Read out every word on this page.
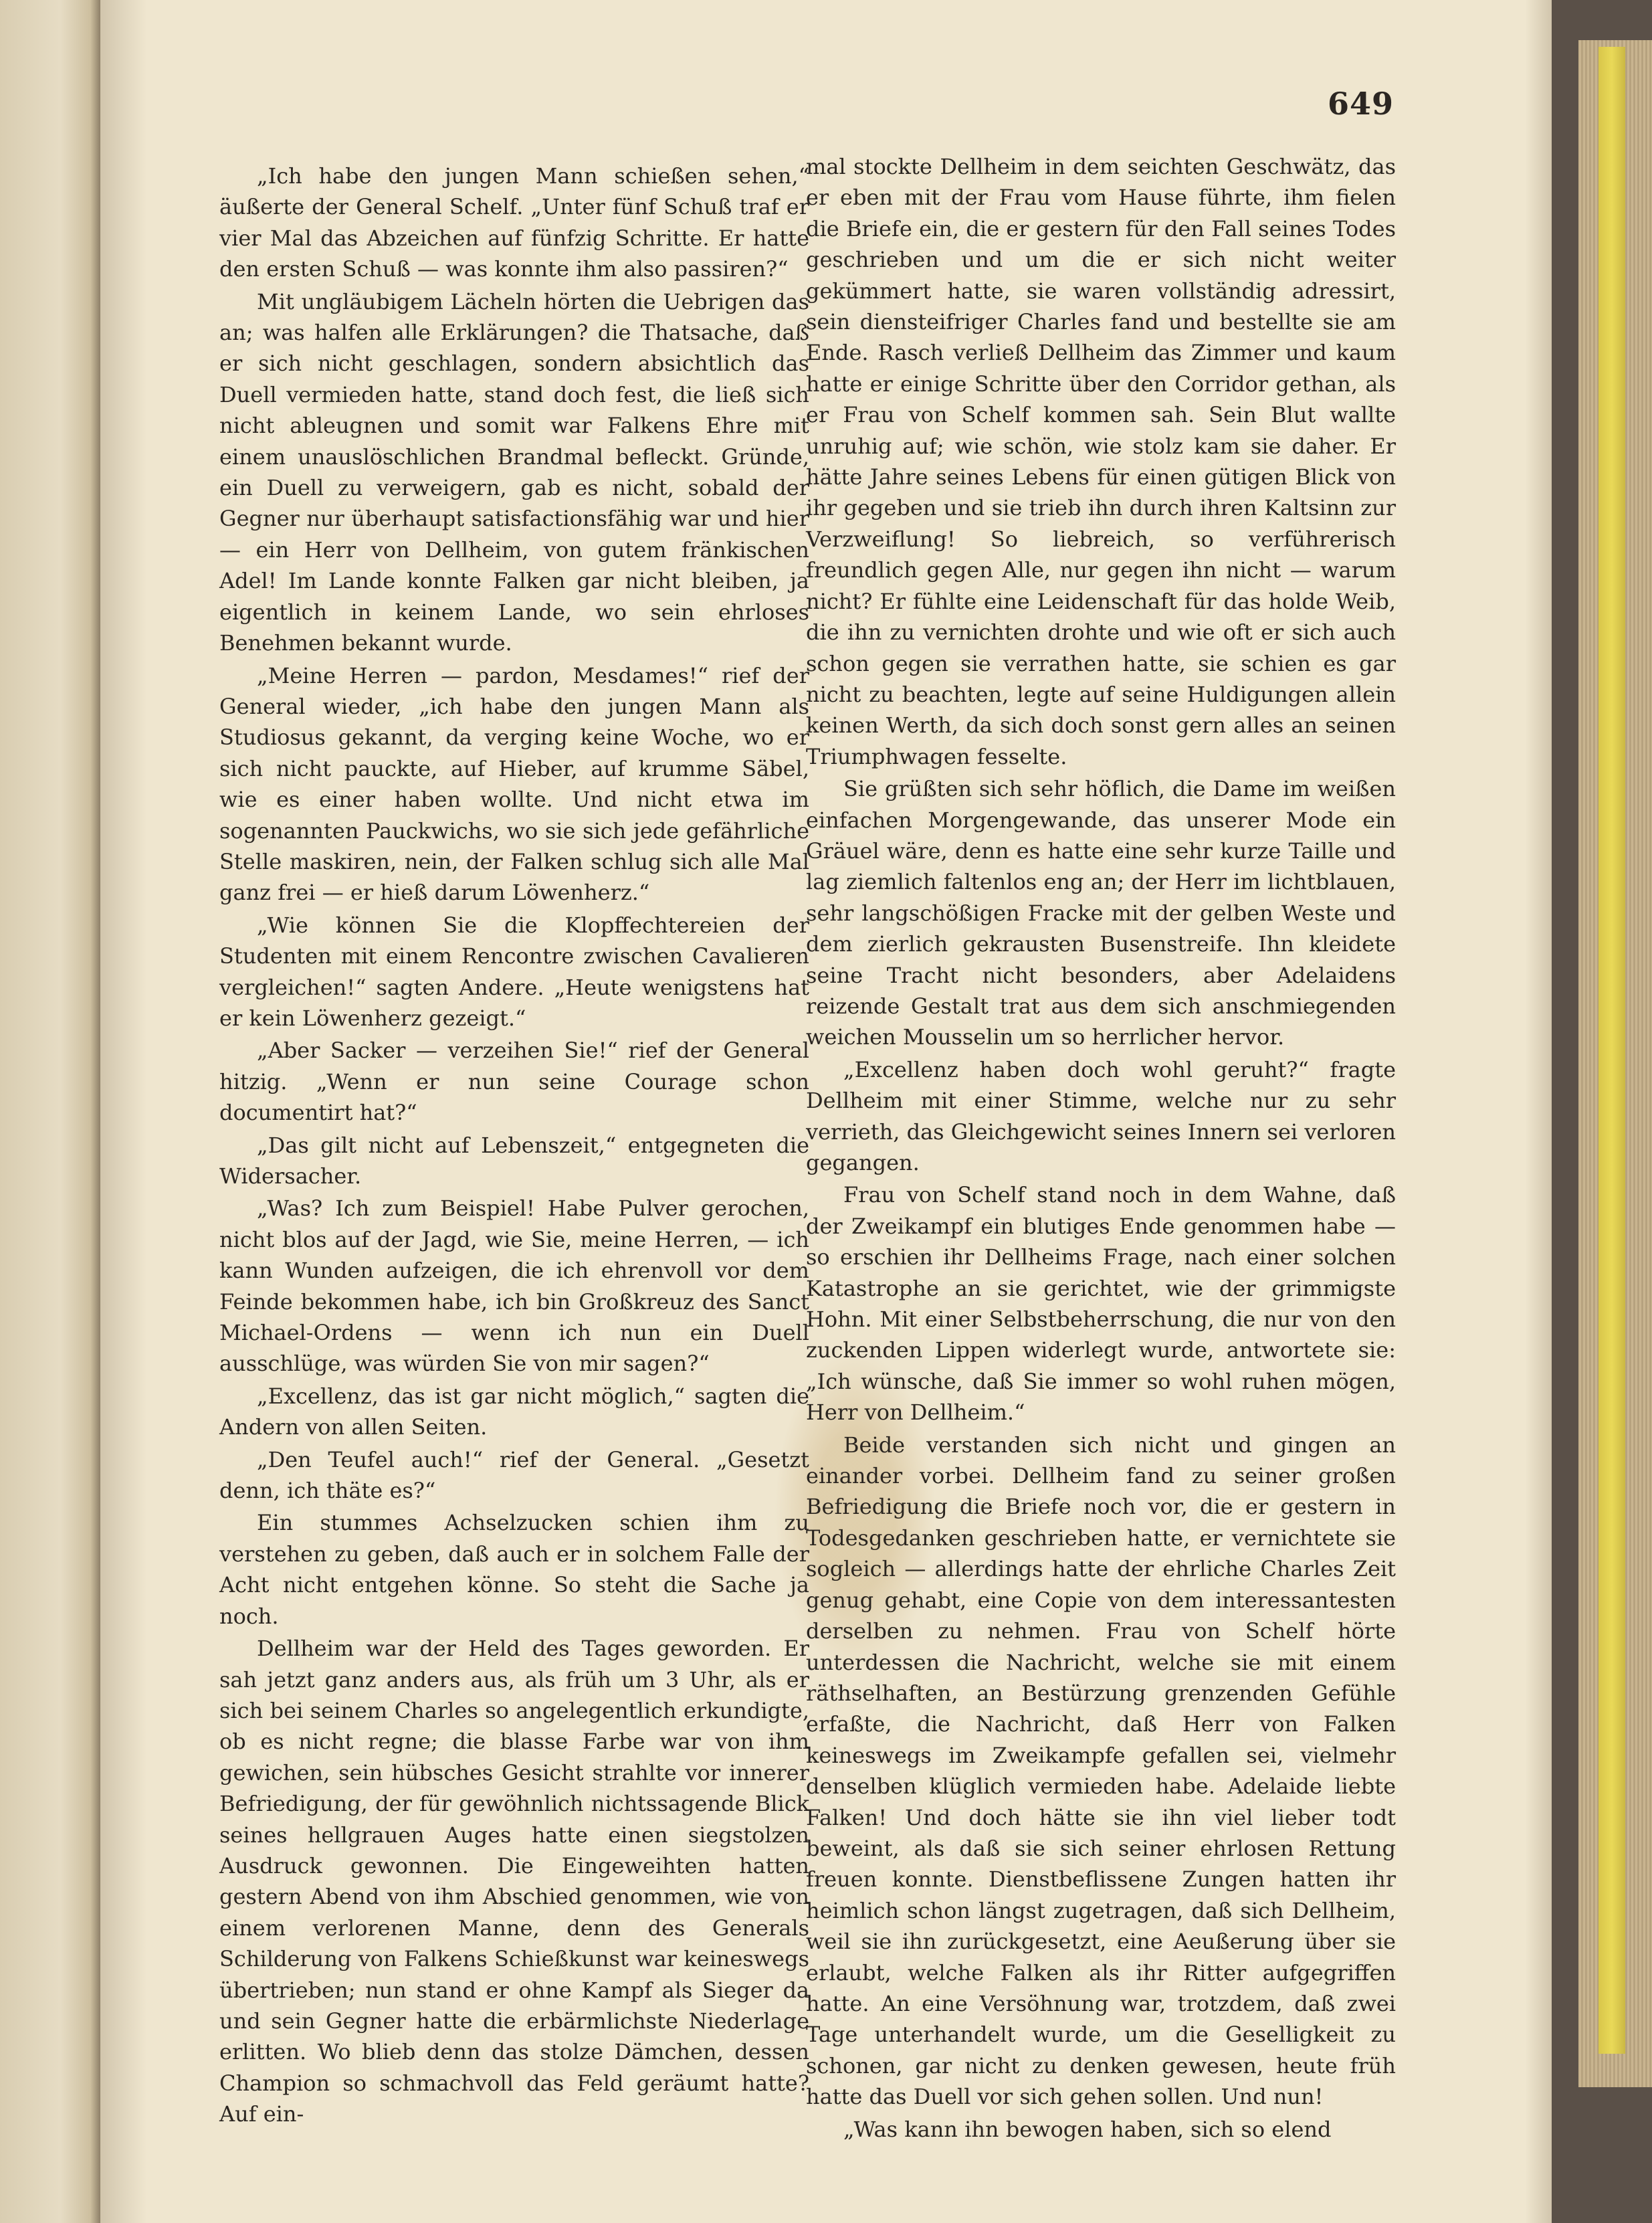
649

„Ich habe den jungen Mann schießen sehen,“ äußerte der General Schelf. „Unter fünf Schuß traf er vier Mal das Abzeichen auf fünfzig Schritte. Er hatte den ersten Schuß — was konnte ihm also passiren?“

Mit ungläubigem Lächeln hörten die Uebrigen das an; was halfen alle Erklärungen? die Thatsache, daß er sich nicht geschlagen, sondern absichtlich das Duell vermieden hatte, stand doch fest, die ließ sich nicht ableugnen und somit war Falkens Ehre mit einem unauslöschlichen Brandmal befleckt. Gründe, ein Duell zu verweigern, gab es nicht, sobald der Gegner nur überhaupt satisfactionsfähig war und hier — ein Herr von Dellheim, von gutem fränkischen Adel! Im Lande konnte Falken gar nicht bleiben, ja eigentlich in keinem Lande, wo sein ehrloses Benehmen bekannt wurde.

„Meine Herren — pardon, Mesdames!“ rief der General wieder, „ich habe den jungen Mann als Studiosus gekannt, da verging keine Woche, wo er sich nicht pauckte, auf Hieber, auf krumme Säbel, wie es einer haben wollte. Und nicht etwa im sogenannten Pauckwichs, wo sie sich jede gefährliche Stelle maskiren, nein, der Falken schlug sich alle Mal ganz frei — er hieß darum Löwenherz.“

„Wie können Sie die Klopffechtereien der Studenten mit einem Rencontre zwischen Cavalieren vergleichen!“ sagten Andere. „Heute wenigstens hat er kein Löwenherz gezeigt.“

„Aber Sacker — verzeihen Sie!“ rief der General hitzig. „Wenn er nun seine Courage schon documentirt hat?“

„Das gilt nicht auf Lebenszeit,“ entgegneten die Widersacher.

„Was? Ich zum Beispiel! Habe Pulver gerochen, nicht blos auf der Jagd, wie Sie, meine Herren, — ich kann Wunden aufzeigen, die ich ehrenvoll vor dem Feinde bekommen habe, ich bin Großkreuz des Sanct Michael-Ordens — wenn ich nun ein Duell ausschlüge, was würden Sie von mir sagen?“

„Excellenz, das ist gar nicht möglich,“ sagten die Andern von allen Seiten.

„Den Teufel auch!“ rief der General. „Gesetzt denn, ich thäte es?“

Ein stummes Achselzucken schien ihm zu verstehen zu geben, daß auch er in solchem Falle der Acht nicht entgehen könne. So steht die Sache ja noch.

Dellheim war der Held des Tages geworden. Er sah jetzt ganz anders aus, als früh um 3 Uhr, als er sich bei seinem Charles so angelegentlich erkundigte, ob es nicht regne; die blasse Farbe war von ihm gewichen, sein hübsches Gesicht strahlte vor innerer Befriedigung, der für gewöhnlich nichtssagende Blick seines hellgrauen Auges hatte einen siegstolzen Ausdruck gewonnen. Die Eingeweihten hatten gestern Abend von ihm Abschied genommen, wie von einem verlorenen Manne, denn des Generals Schilderung von Falkens Schießkunst war keineswegs übertrieben; nun stand er ohne Kampf als Sieger da und sein Gegner hatte die erbärmlichste Niederlage erlitten. Wo blieb denn das stolze Dämchen, dessen Champion so schmachvoll das Feld geräumt hatte? Auf ein-

mal stockte Dellheim in dem seichten Geschwätz, das er eben mit der Frau vom Hause führte, ihm fielen die Briefe ein, die er gestern für den Fall seines Todes geschrieben und um die er sich nicht weiter gekümmert hatte, sie waren vollständig adressirt, sein diensteifriger Charles fand und bestellte sie am Ende. Rasch verließ Dellheim das Zimmer und kaum hatte er einige Schritte über den Corridor gethan, als er Frau von Schelf kommen sah. Sein Blut wallte unruhig auf; wie schön, wie stolz kam sie daher. Er hätte Jahre seines Lebens für einen gütigen Blick von ihr gegeben und sie trieb ihn durch ihren Kaltsinn zur Verzweiflung! So liebreich, so verführerisch freundlich gegen Alle, nur gegen ihn nicht — warum nicht? Er fühlte eine Leidenschaft für das holde Weib, die ihn zu vernichten drohte und wie oft er sich auch schon gegen sie verrathen hatte, sie schien es gar nicht zu beachten, legte auf seine Huldigungen allein keinen Werth, da sich doch sonst gern alles an seinen Triumphwagen fesselte.

Sie grüßten sich sehr höflich, die Dame im weißen einfachen Morgengewande, das unserer Mode ein Gräuel wäre, denn es hatte eine sehr kurze Taille und lag ziemlich faltenlos eng an; der Herr im lichtblauen, sehr langschößigen Fracke mit der gelben Weste und dem zierlich gekrausten Busenstreife. Ihn kleidete seine Tracht nicht besonders, aber Adelaidens reizende Gestalt trat aus dem sich anschmiegenden weichen Mousselin um so herrlicher hervor.

„Excellenz haben doch wohl geruht?“ fragte Dellheim mit einer Stimme, welche nur zu sehr verrieth, das Gleichgewicht seines Innern sei verloren gegangen.

Frau von Schelf stand noch in dem Wahne, daß der Zweikampf ein blutiges Ende genommen habe — so erschien ihr Dellheims Frage, nach einer solchen Katastrophe an sie gerichtet, wie der grimmigste Hohn. Mit einer Selbstbeherrschung, die nur von den zuckenden Lippen widerlegt wurde, antwortete sie: „Ich wünsche, daß Sie immer so wohl ruhen mögen, Herr von Dellheim.“

Beide verstanden sich nicht und gingen an einander vorbei. Dellheim fand zu seiner großen Befriedigung die Briefe noch vor, die er gestern in Todesgedanken geschrieben hatte, er vernichtete sie sogleich — allerdings hatte der ehrliche Charles Zeit genug gehabt, eine Copie von dem interessantesten derselben zu nehmen. Frau von Schelf hörte unterdessen die Nachricht, welche sie mit einem räthselhaften, an Bestürzung grenzenden Gefühle erfaßte, die Nachricht, daß Herr von Falken keineswegs im Zweikampfe gefallen sei, vielmehr denselben klüglich vermieden habe. Adelaide liebte Falken! Und doch hätte sie ihn viel lieber todt beweint, als daß sie sich seiner ehrlosen Rettung freuen konnte. Dienstbeflissene Zungen hatten ihr heimlich schon längst zugetragen, daß sich Dellheim, weil sie ihn zurückgesetzt, eine Aeußerung über sie erlaubt, welche Falken als ihr Ritter aufgegriffen hatte. An eine Versöhnung war, trotzdem, daß zwei Tage unterhandelt wurde, um die Geselligkeit zu schonen, gar nicht zu denken gewesen, heute früh hatte das Duell vor sich gehen sollen. Und nun!

„Was kann ihn bewogen haben, sich so elend
